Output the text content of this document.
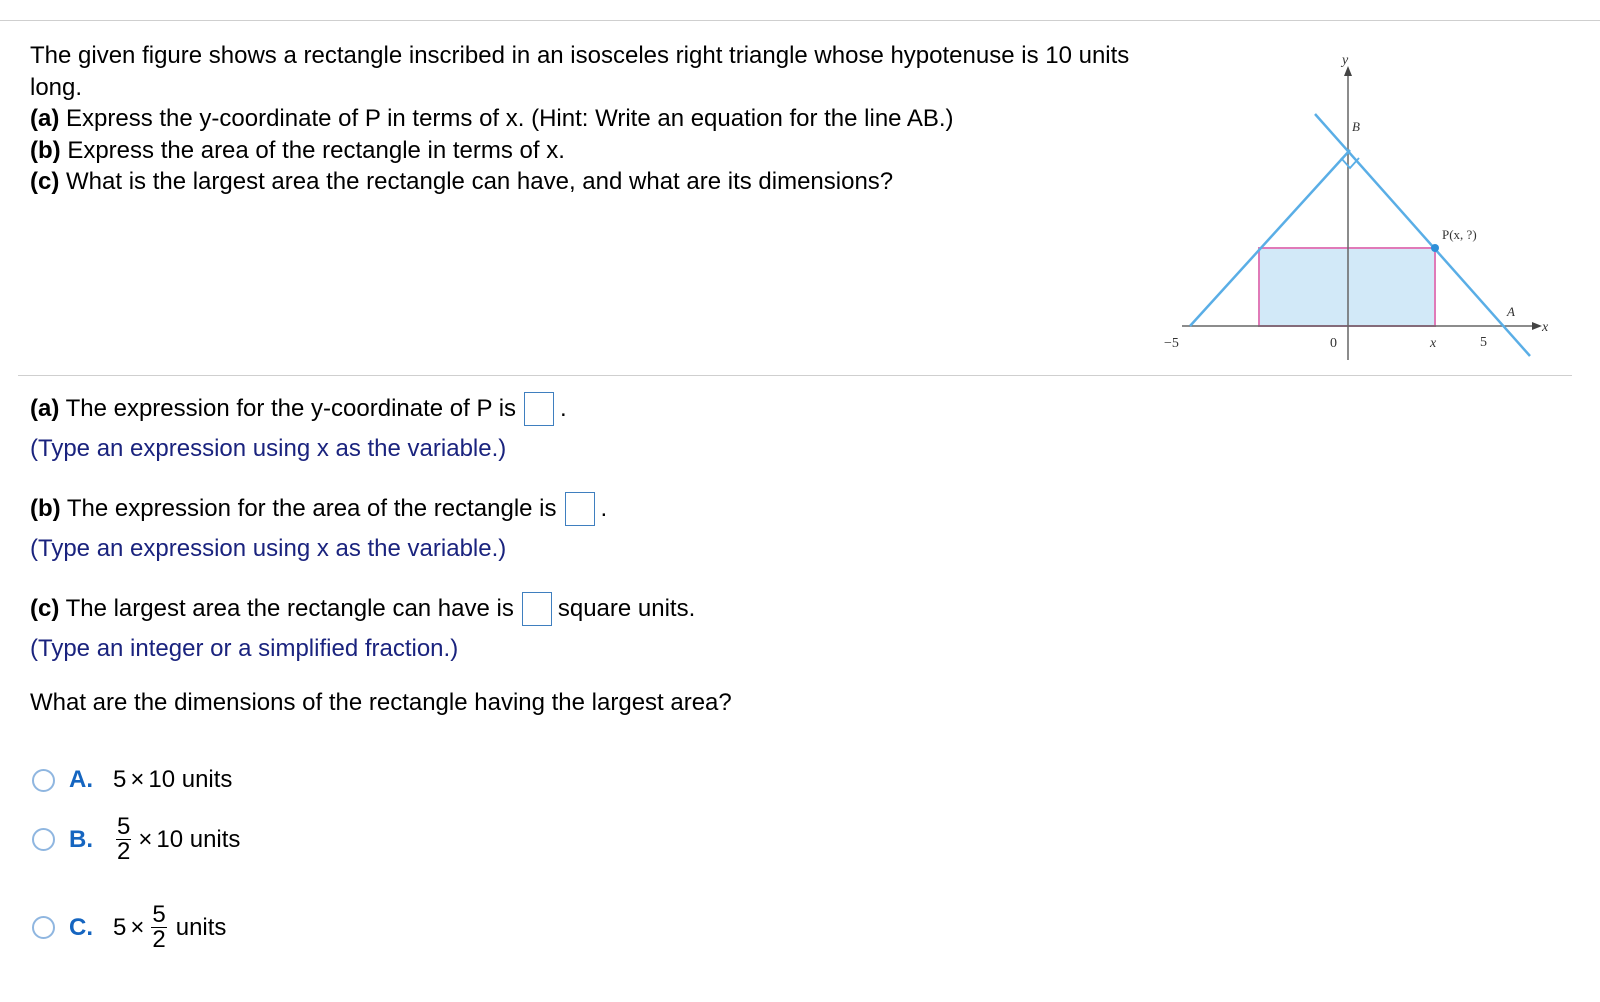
The given figure shows a rectangle inscribed in an isosceles right triangle whose hypotenuse is 10 units long.

(a) Express the y-coordinate of P in terms of x. (Hint: Write an equation for the line AB.)

(b) Express the area of the rectangle in terms of x.

(c) What is the largest area the rectangle can have, and what are its dimensions?

y
x
B
A
P(x, ?)
−5	0	x	5
(a) The expression for the y-coordinate of P is .
(Type an expression using x as the variable.)
(b) The expression for the area of the rectangle is .
(Type an expression using x as the variable.)
(c) The largest area the rectangle can have is square units.
(Type an integer or a simplified fraction.)
What are the dimensions of the rectangle having the largest area?
A. 5 × 10 units
B. $\frac{5}{2} \times 10$ units
C. $5 \times \frac{5}{2}$ units
